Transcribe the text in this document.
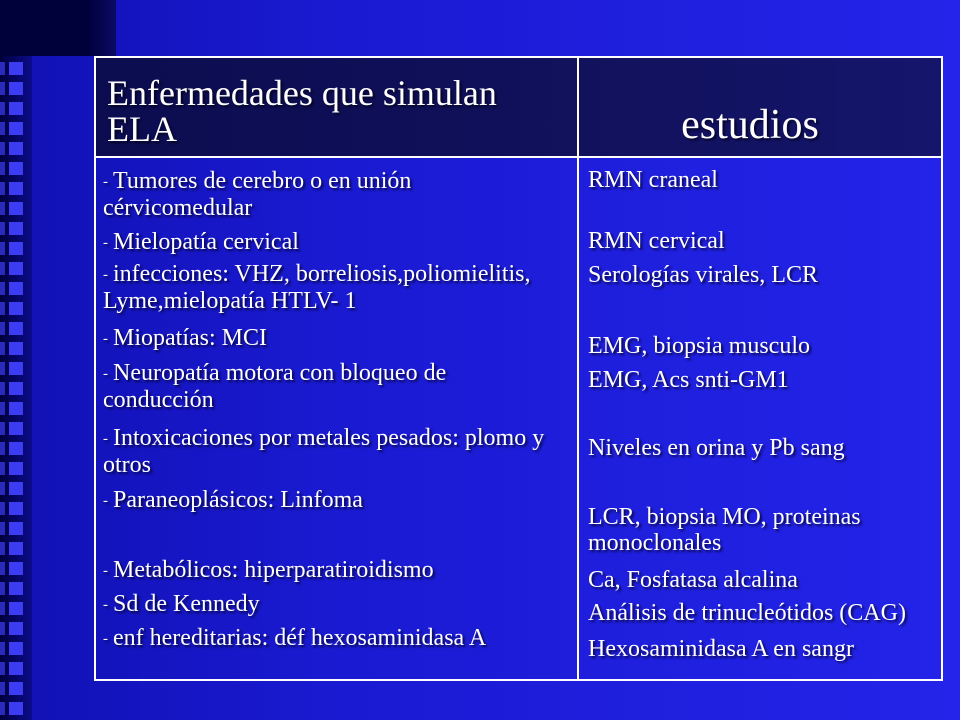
Enfermedades que simulan ELA	estudios
- Tumores de cerebro o en unión cérvicomedular
- Mielopatía cervical
- infecciones: VHZ, borreliosis,poliomielitis, Lyme,mielopatía HTLV- 1
- Miopatías: MCI
- Neuropatía motora con bloqueo de conducción
- Intoxicaciones por metales pesados: plomo y otros
- Paraneoplásicos: Linfoma
- Metabólicos: hiperparatiroidismo
- Sd de Kennedy
- enf hereditarias: déf hexosaminidasa A
RMN craneal
RMN cervical
Serologías virales, LCR
EMG, biopsia musculo
EMG, Acs snti-GM1
Niveles en orina y Pb sang
LCR, biopsia MO, proteinas monoclonales
Ca, Fosfatasa alcalina
Análisis de trinucleótidos (CAG)
Hexosaminidasa A en sangr
